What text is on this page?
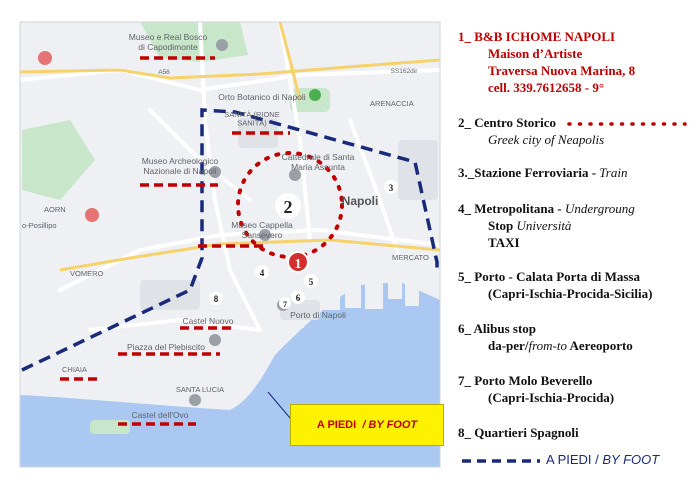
Museo e Real Bosco di Capodimonte
Orto Botanico di Napoli
ARENACCIA
SANITÀ (RIONE SANITÀ)
Museo Archeologico Nazionale di Napoli
Cattedrale di Santa Maria Assunta
Napoli
AORN
o-Posillipo	Museo Cappella Sansevero
VOMERO
MERCATO
Castel Nuovo
Porto di Napoli
Piazza del Plebiscito
CHIAIA
SANTA LUCIA
Castel dell'Ovo
A56	SS162dir
1
2
3
4
5
6
7
8
A PIEDI
/ BY FOOT
1_ B&B ICHOME NAPOLI
Maison d’Artiste
Traversa Nuova Marina, 8
cell. 339.7612658 - 9°
2_ Centro Storico
Greek city of Neapolis
3._Stazione Ferroviaria - Train
4_ Metropolitana - Undergroung
Stop Università
TAXI
5_ Porto - Calata Porta di Massa
(Capri-Ischia-Procida-Sicilia)
6_ Alibus stop
da-per/from-to Aereoporto
7_ Porto Molo Beverello
(Capri-Ischia-Procida)
8_ Quartieri Spagnoli
A PIEDI / BY FOOT
